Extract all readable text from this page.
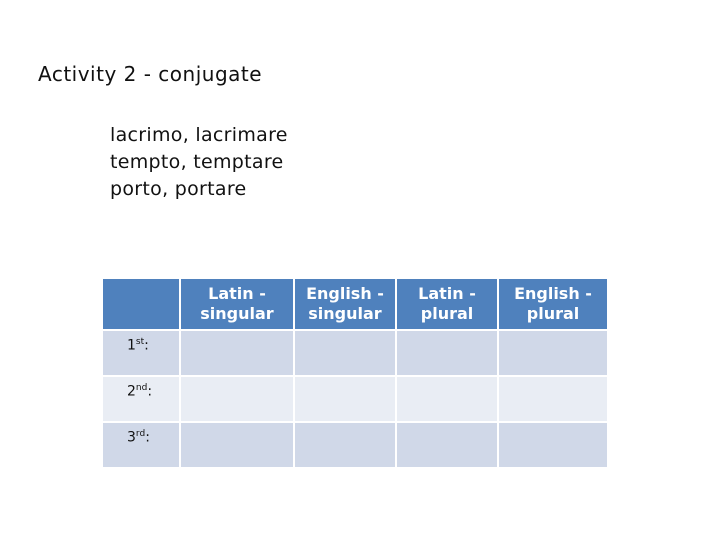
Activity 2 - conjugate
lacrimo, lacrimare
tempto, temptare
porto, portare
	Latin - singular	English - singular	Latin - plural	English - plural
1st:				
2nd:				
3rd:				
